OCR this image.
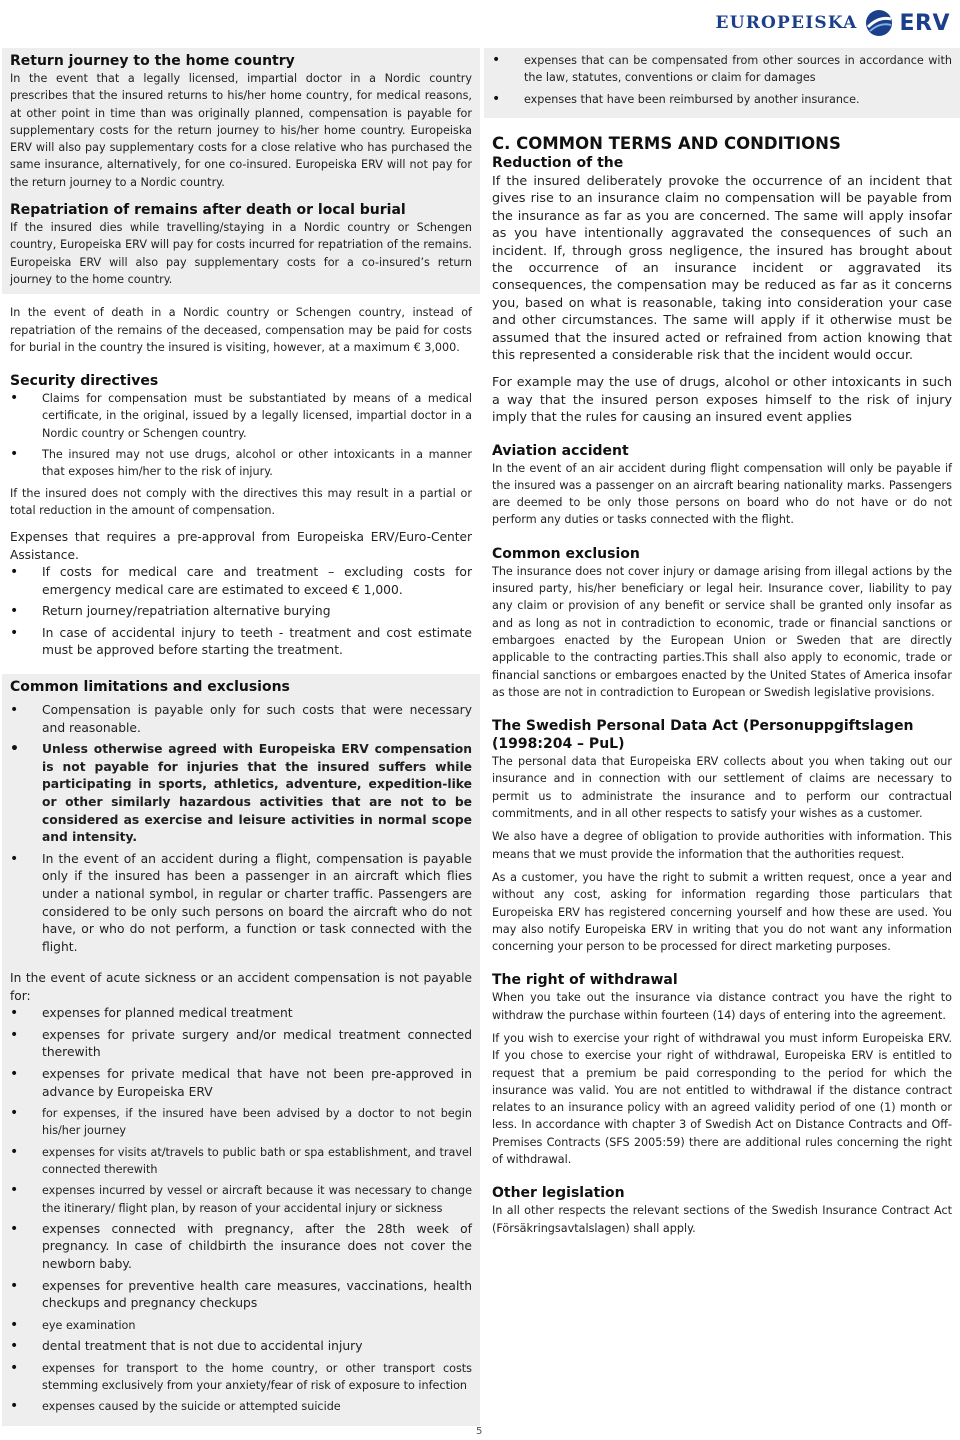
EUROPEISKA ERV
Return journey to the home country

In the event that a legally licensed, impartial doctor in a Nordic country prescribes that the insured returns to his/her home country, for medical reasons, at other point in time than was originally planned, compensation is payable for supplementary costs for the return journey to his/her home country. Europeiska ERV will also pay supplementary costs for a close relative who has purchased the same insurance, alternatively, for one co-insured. Europeiska ERV will not pay for the return journey to a Nordic country.

Repatriation of remains after death or local burial

If the insured dies while travelling/staying in a Nordic country or Schengen country, Europeiska ERV will pay for costs incurred for repatriation of the remains. Europeiska ERV will also pay supplementary costs for a co-insured’s return journey to the home country.

In the event of death in a Nordic country or Schengen country, instead of repatriation of the remains of the deceased, compensation may be paid for costs for burial in the country the insured is visiting, however, at a maximum € 3,000.

Security directives
• Claims for compensation must be substantiated by means of a medical certificate, in the original, issued by a legally licensed, impartial doctor in a Nordic country or Schengen country.
• The insured may not use drugs, alcohol or other intoxicants in a manner that exposes him/her to the risk of injury.

If the insured does not comply with the directives this may result in a partial or total reduction in the amount of compensation.

Expenses that requires a pre-approval from Europeiska ERV/Euro-Center Assistance.

• If costs for medical care and treatment – excluding costs for emergency medical care are estimated to exceed € 1,000.
• Return journey/repatriation alternative burying
• In case of accidental injury to teeth - treatment and cost estimate must be approved before starting the treatment.
Common limitations and exclusions
• Compensation is payable only for such costs that were necessary and reasonable.
• Unless otherwise agreed with Europeiska ERV compensation is not payable for injuries that the insured suffers while participating in sports, athletics, adventure, expedition-like or other similarly hazardous activities that are not to be considered as exercise and leisure activities in normal scope and intensity.
• In the event of an accident during a flight, compensation is payable only if the insured has been a passenger in an aircraft which flies under a national symbol, in regular or charter traffic. Passengers are considered to be only such persons on board the aircraft who do not have, or who do not perform, a function or task connected with the flight.

In the event of acute sickness or an accident compensation is not payable for:

• expenses for planned medical treatment
• expenses for private surgery and/or medical treatment connected therewith
• expenses for private medical that have not been pre-approved in advance by Europeiska ERV
• for expenses, if the insured have been advised by a doctor to not begin his/her journey
• expenses for visits at/travels to public bath or spa establishment, and travel connected therewith
• expenses incurred by vessel or aircraft because it was necessary to change the itinerary/ flight plan, by reason of your accidental injury or sickness
• expenses connected with pregnancy, after the 28th week of pregnancy. In case of childbirth the insurance does not cover the newborn baby.
• expenses for preventive health care measures, vaccinations, health checkups and pregnancy checkups
• eye examination
• dental treatment that is not due to accidental injury
• expenses for transport to the home country, or other transport costs stemming exclusively from your anxiety/fear of risk of exposure to infection
• expenses caused by the suicide or attempted suicide
• expenses that can be compensated from other sources in accordance with the law, statutes, conventions or claim for damages
• expenses that have been reimbursed by another insurance.
C. COMMON TERMS AND CONDITIONS
Reduction of the

If the insured deliberately provoke the occurrence of an incident that gives rise to an insurance claim no compensation will be payable from the insurance as far as you are concerned. The same will apply insofar as you have intentionally aggravated the consequences of such an incident. If, through gross negligence, the insured has brought about the occurrence of an insurance incident or aggravated its consequences, the compensation may be reduced as far as it concerns you, based on what is reasonable, taking into consideration your case and other circumstances. The same will apply if it otherwise must be assumed that the insured acted or refrained from action knowing that this represented a considerable risk that the incident would occur.

For example may the use of drugs, alcohol or other intoxicants in such a way that the insured person exposes himself to the risk of injury imply that the rules for causing an insured event applies

Aviation accident

In the event of an air accident during flight compensation will only be payable if the insured was a passenger on an aircraft bearing nationality marks. Passengers are deemed to be only those persons on board who do not have or do not perform any duties or tasks connected with the flight.

Common exclusion

The insurance does not cover injury or damage arising from illegal actions by the insured party, his/her beneficiary or legal heir. Insurance cover, liability to pay any claim or provision of any benefit or service shall be granted only insofar as and as long as not in contradiction to economic, trade or financial sanctions or embargoes enacted by the European Union or Sweden that are directly applicable to the contracting parties.This shall also apply to economic, trade or financial sanctions or embargoes enacted by the United States of America insofar as those are not in contradiction to European or Swedish legislative provisions.

The Swedish Personal Data Act (Personuppgiftslagen (1998:204 – PuL)

The personal data that Europeiska ERV collects about you when taking out our insurance and in connection with our settlement of claims are necessary to permit us to administrate the insurance and to perform our contractual commitments, and in all other respects to satisfy your wishes as a customer.

We also have a degree of obligation to provide authorities with information. This means that we must provide the information that the authorities request.

As a customer, you have the right to submit a written request, once a year and without any cost, asking for information regarding those particulars that Europeiska ERV has registered concerning yourself and how these are used. You may also notify Europeiska ERV in writing that you do not want any information concerning your person to be processed for direct marketing purposes.

The right of withdrawal

When you take out the insurance via distance contract you have the right to withdraw the purchase within fourteen (14) days of entering into the agreement.

If you wish to exercise your right of withdrawal you must inform Europeiska ERV. If you chose to exercise your right of withdrawal, Europeiska ERV is entitled to request that a premium be paid corresponding to the period for which the insurance was valid. You are not entitled to withdrawal if the distance contract relates to an insurance policy with an agreed validity period of one (1) month or less. In accordance with chapter 3 of Swedish Act on Distance Contracts and Off-Premises Contracts (SFS 2005:59) there are additional rules concerning the right of withdrawal.

Other legislation

In all other respects the relevant sections of the Swedish Insurance Contract Act (Försäkringsavtalslagen) shall apply.

5
